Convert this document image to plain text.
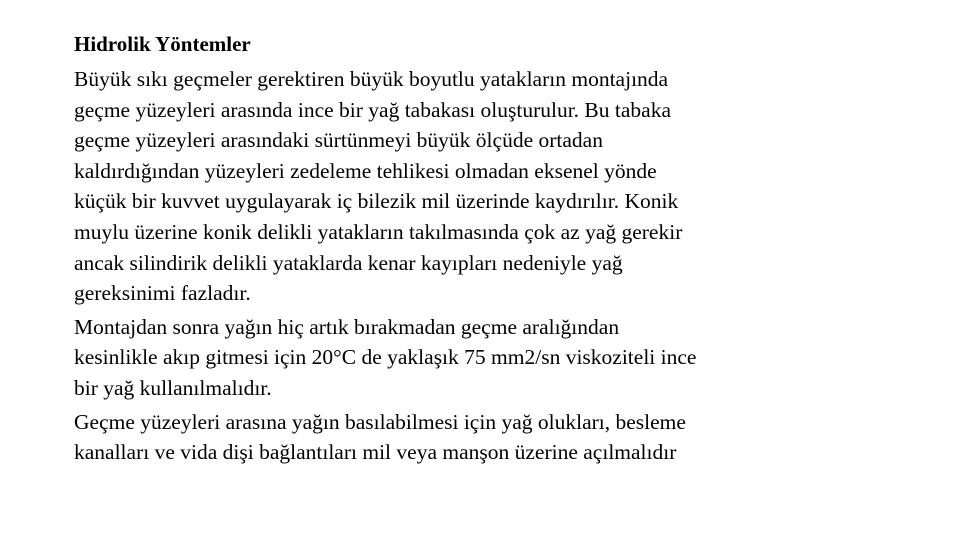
Hidrolik Yöntemler
Büyük sıkı geçmeler gerektiren büyük boyutlu yatakların montajında
geçme yüzeyleri arasında ince bir yağ tabakası oluşturulur. Bu tabaka
geçme yüzeyleri arasındaki sürtünmeyi büyük ölçüde ortadan
kaldırdığından yüzeyleri zedeleme tehlikesi olmadan eksenel yönde
küçük bir kuvvet uygulayarak iç bilezik mil üzerinde kaydırılır. Konik
muylu üzerine konik delikli yatakların takılmasında çok az yağ gerekir
ancak silindirik delikli yataklarda kenar kayıpları nedeniyle yağ
gereksinimi fazladır.
Montajdan sonra yağın hiç artık bırakmadan geçme aralığından
kesinlikle akıp gitmesi için 20°C de yaklaşık 75 mm2/sn viskoziteli ince
bir yağ kullanılmalıdır.
Geçme yüzeyleri arasına yağın basılabilmesi için yağ olukları, besleme
kanalları ve vida dişi bağlantıları mil veya manşon üzerine açılmalıdır
